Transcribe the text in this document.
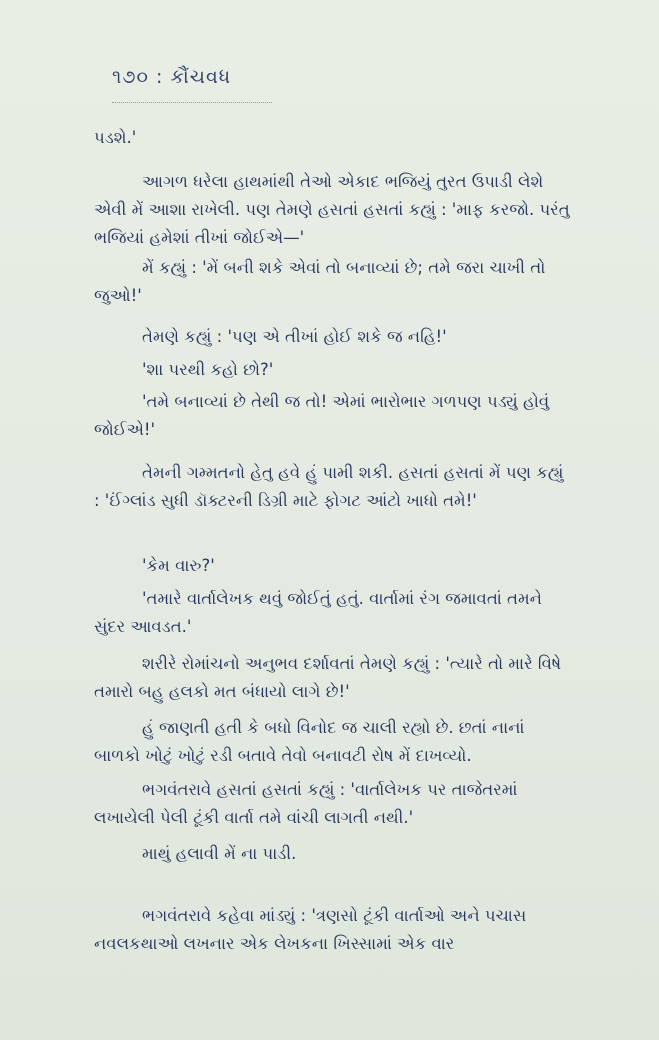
૧૭૦ : કૌંચવધ

પડશે.'

આગળ ધરેલા હાથમાંથી તેઓ એકાદ ભજિયું તુરત ઉપાડી લેશે એવી મેં આશા રાખેલી. પણ તેમણે હસતાં હસતાં કહ્યું : 'માફ કરજો. પરંતુ ભજિયાં હમેશાં તીખાં જોઈએ—'

મેં કહ્યું : 'મેં બની શકે એવાં તો બનાવ્યાં છે; તમે જરા ચાખી તો જુઓ!'

તેમણે કહ્યું : 'પણ એ તીખાં હોઈ શકે જ નહિ!'

'શા પરથી કહો છો?'

'તમે બનાવ્યાં છે તેથી જ તો! એમાં ભારોભાર ગળપણ પડ્યું હોવું જોઈએ!'

તેમની ગમ્મતનો હેતુ હવે હું પામી શકી. હસતાં હસતાં મેં પણ કહ્યું : 'ઈંગ્લાંડ સુધી ડૉક્ટરની ડિગ્રી માટે ફોગટ આંટો ખાધો તમે!'

'કેમ વારુ?'

'તમારે વાર્તાલેખક થવું જોઈતું હતું. વાર્તામાં રંગ જમાવતાં તમને સુંદર આવડત.'

શરીરે રોમાંચનો અનુભવ દર્શાવતાં તેમણે કહ્યું : 'ત્યારે તો મારે વિષે તમારો બહુ હલકો મત બંધાયો લાગે છે!'

હું જાણતી હતી કે બધો વિનોદ જ ચાલી રહ્યો છે. છતાં નાનાં બાળકો ખોટું ખોટું રડી બતાવે તેવો બનાવટી રોષ મેં દાખવ્યો.

ભગવંતરાવે હસતાં હસતાં કહ્યું : 'વાર્તાલેખક પર તાજેતરમાં લખાયેલી પેલી ટૂંકી વાર્તા તમે વાંચી લાગતી નથી.'

માથું હલાવી મેં ના પાડી.

ભગવંતરાવે કહેવા માંડ્યું : 'ત્રણસો ટૂંકી વાર્તાઓ અને પચાસ નવલકથાઓ લખનાર એક લેખકના ખિસ્સામાં એક વાર
